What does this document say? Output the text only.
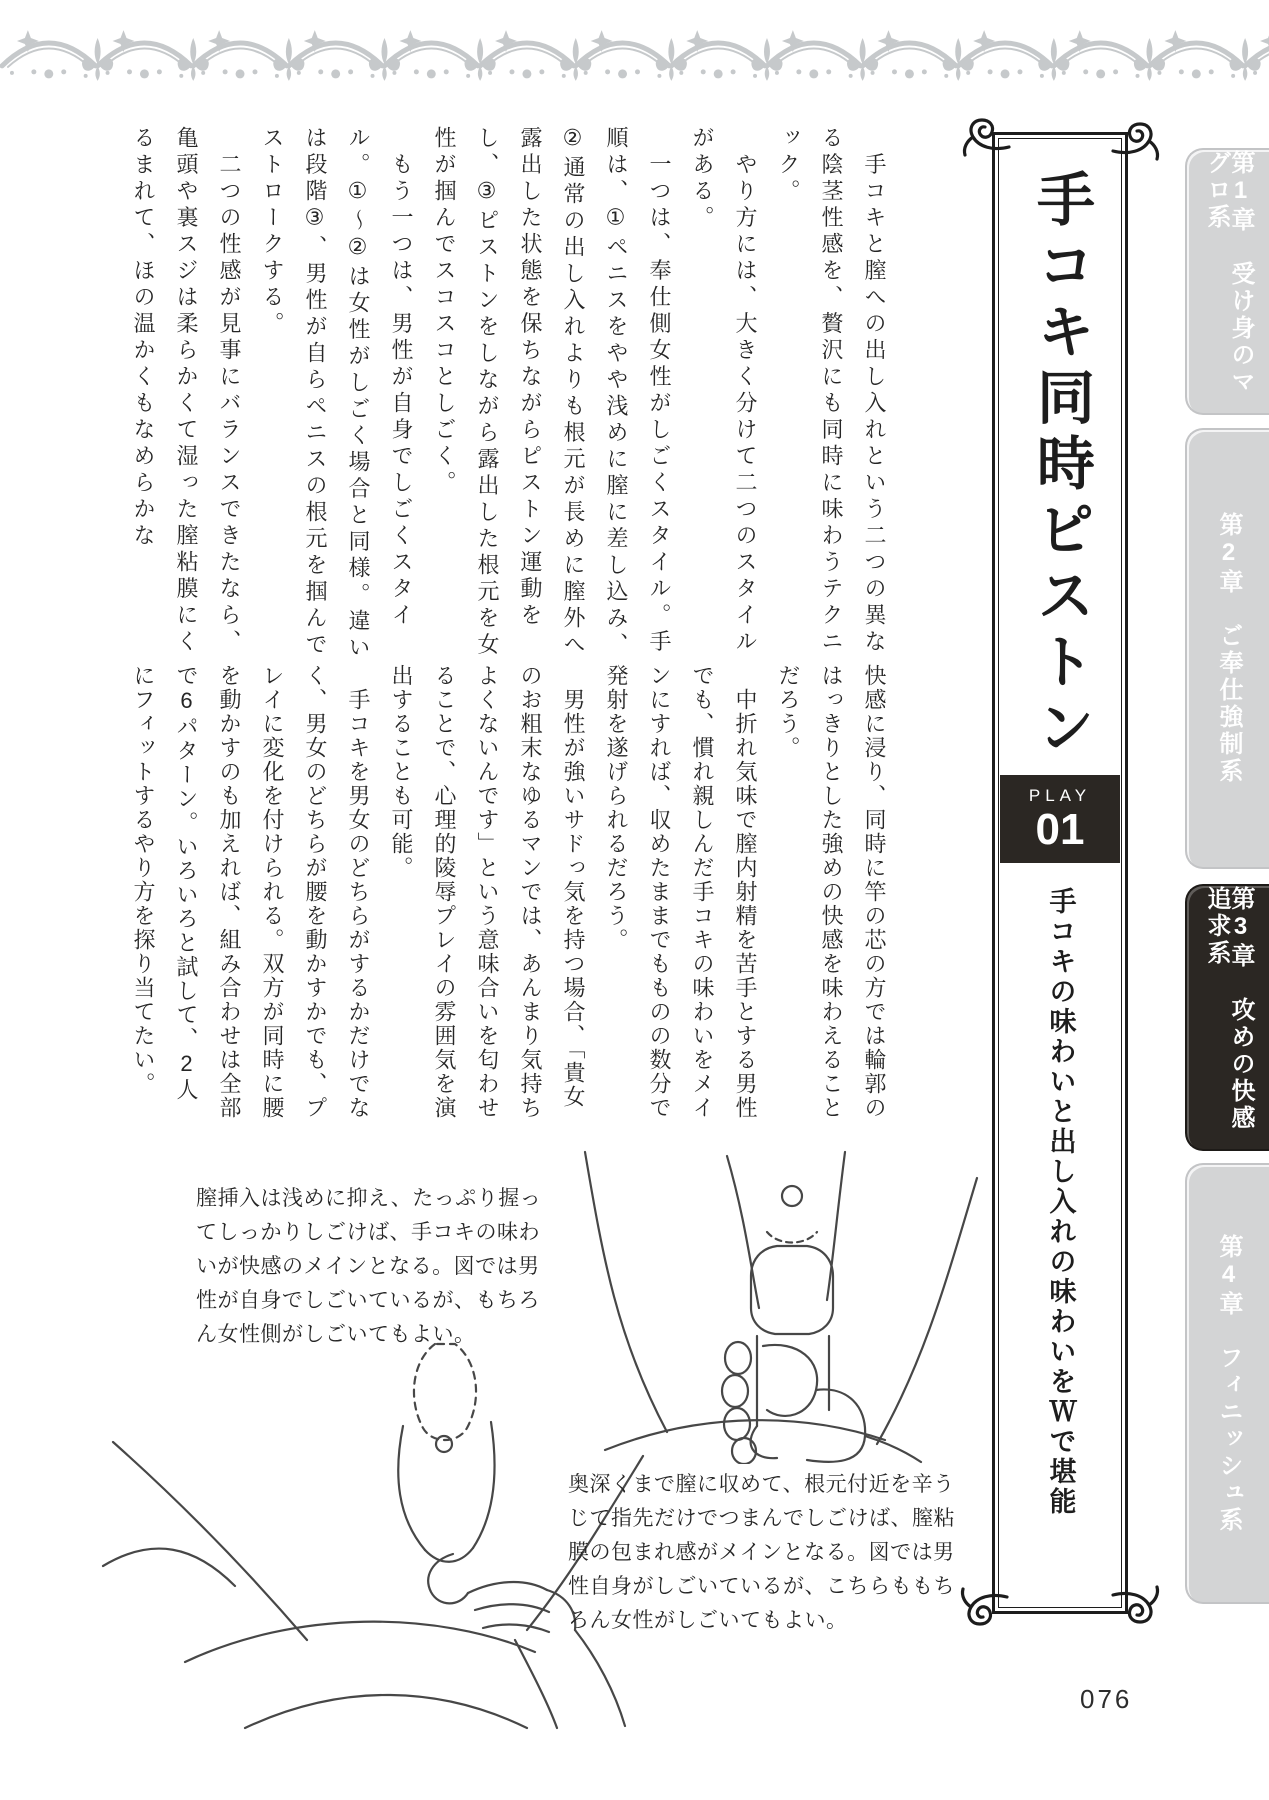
第1章　受け身のマグロ系
第2章　ご奉仕強制系
第3章　攻めの快感追求系
第4章　フィニッシュ系
手コキ同時ピストン
PLAY
01
手コキの味わいと出し入れの味わいをＷで堪能

　手コキと膣への出し入れという二つの異なる陰茎性感を、贅沢にも同時に味わうテクニック。

　やり方には、大きく分けて二つのスタイルがある。

　一つは、奉仕側女性がしごくスタイル。手順は、①ペニスをやや浅めに膣に差し込み、②通常の出し入れよりも根元が長めに膣外へ露出した状態を保ちながらピストン運動をし、③ピストンをしながら露出した根元を女性が掴んでスコスコとしごく。

　もう一つは、男性が自身でしごくスタイル。①～②は女性がしごく場合と同様。違いは段階③、男性が自らペニスの根元を掴んでストロークする。

　二つの性感が見事にバランスできたなら、亀頭や裏スジは柔らかくて湿った膣粘膜にくるまれて、ほの温かくもなめらかな

快感に浸り、同時に竿の芯の方では輪郭のはっきりとした強めの快感を味わえることだろう。

　中折れ気味で膣内射精を苦手とする男性でも、慣れ親しんだ手コキの味わいをメインにすれば、収めたままでもものの数分で発射を遂げられるだろう。

　男性が強いサドっ気を持つ場合、「貴女のお粗末なゆるマンでは、あんまり気持ちよくないんです」という意味合いを匂わせることで、心理的陵辱プレイの雰囲気を演出することも可能。

　手コキを男女のどちらがするかだけでなく、男女のどちらが腰を動かすかでも、プレイに変化を付けられる。双方が同時に腰を動かすのも加えれば、組み合わせは全部で6パターン。いろいろと試して、2人にフィットするやり方を探り当てたい。

膣挿入は浅めに抑え、たっぷり握ってしっかりしごけば、手コキの味わいが快感のメインとなる。図では男性が自身でしごいているが、もちろん女性側がしごいてもよい。
奥深くまで膣に収めて、根元付近を辛うじて指先だけでつまんでしごけば、膣粘膜の包まれ感がメインとなる。図では男性自身がしごいているが、こちらももちろん女性がしごいてもよい。
076
